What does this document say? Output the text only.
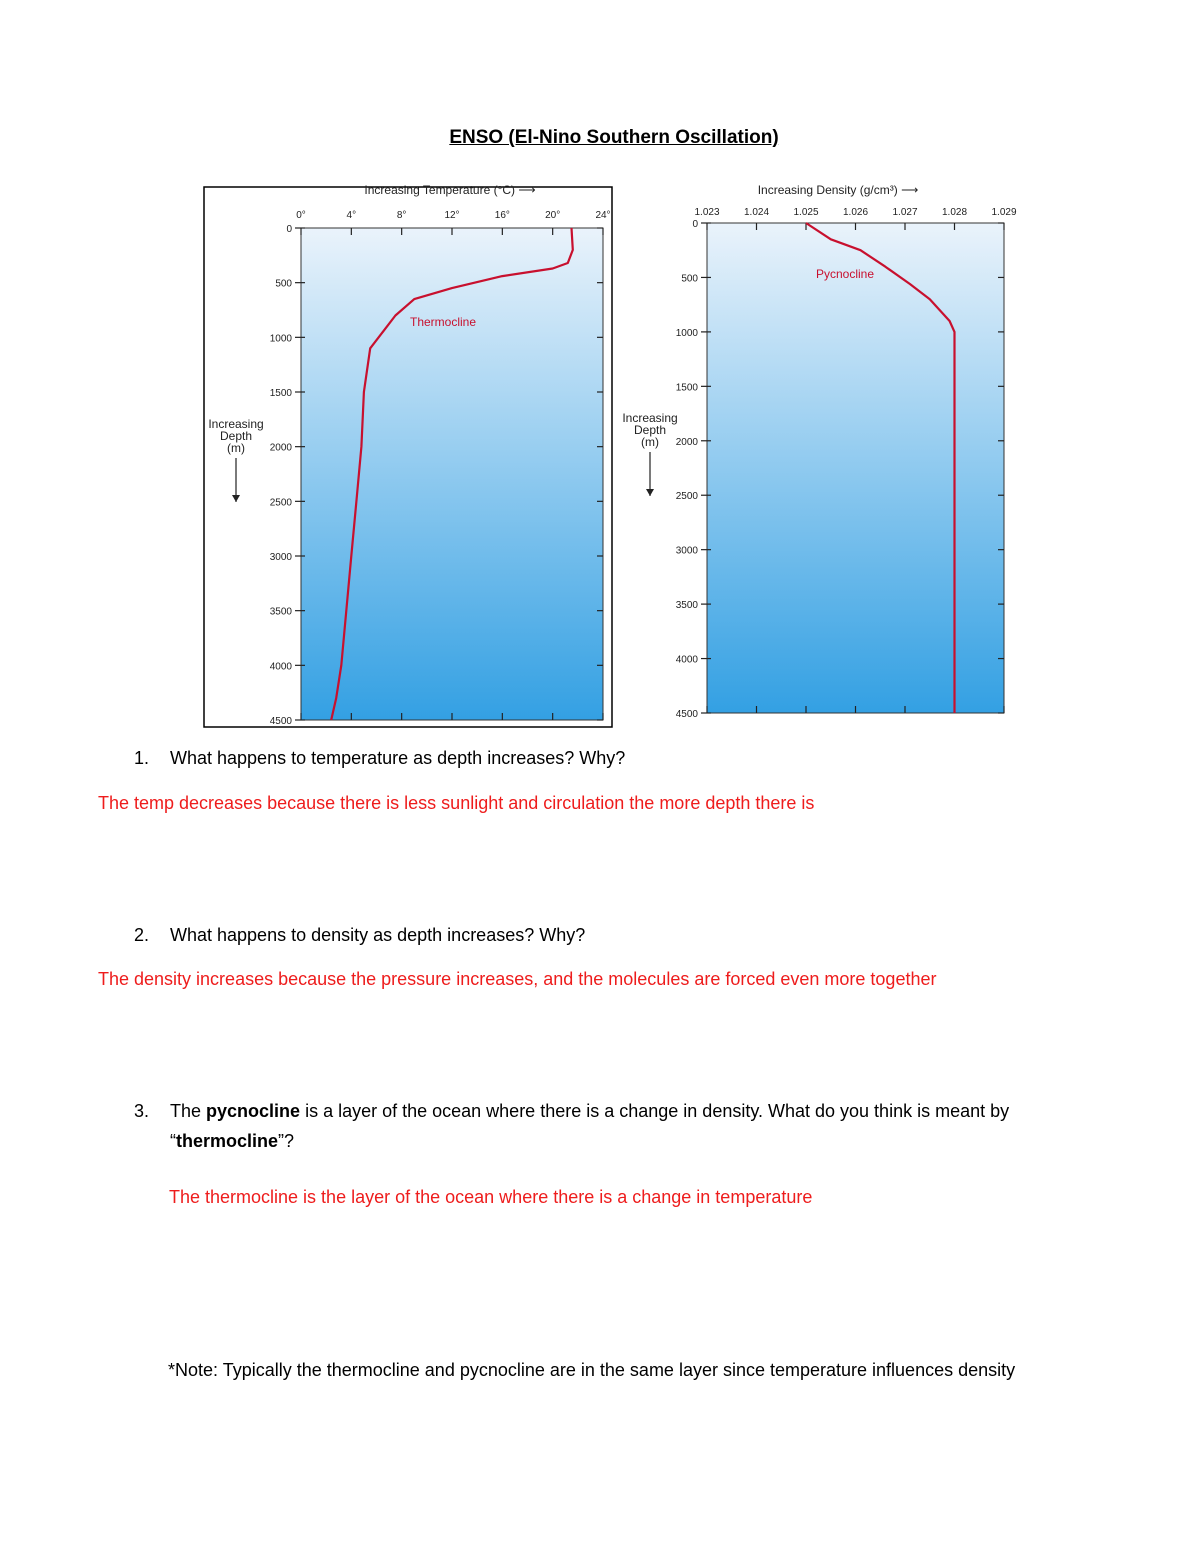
ENSO (El-Nino Southern Oscillation)
0°	4°	8°	12°	16°	20°	24°
0
500
1000
1500
2000
2500
3000
3500
4000
4500
Increasing Temperature (°C) ⟶
Increasing
Depth
(m)
Thermocline
1.023 1.024 1.025 1.026 1.027 1.028 1.029
0
500
1000
1500
2000
2500
3000
3500
4000
4500
Increasing Density (g/cm³) ⟶
Increasing
Depth
(m)
Pycnocline
1. What happens to temperature as depth increases? Why?
The temp decreases because there is less sunlight and circulation the more depth there is
2. What happens to density as depth increases? Why?
The density increases because the pressure increases, and the molecules are forced even more together
3. The pycnocline is a layer of the ocean where there is a change in density. What do you think is meant by
“thermocline”?
The thermocline is the layer of the ocean where there is a change in temperature
*Note: Typically the thermocline and pycnocline are in the same layer since temperature influences density
